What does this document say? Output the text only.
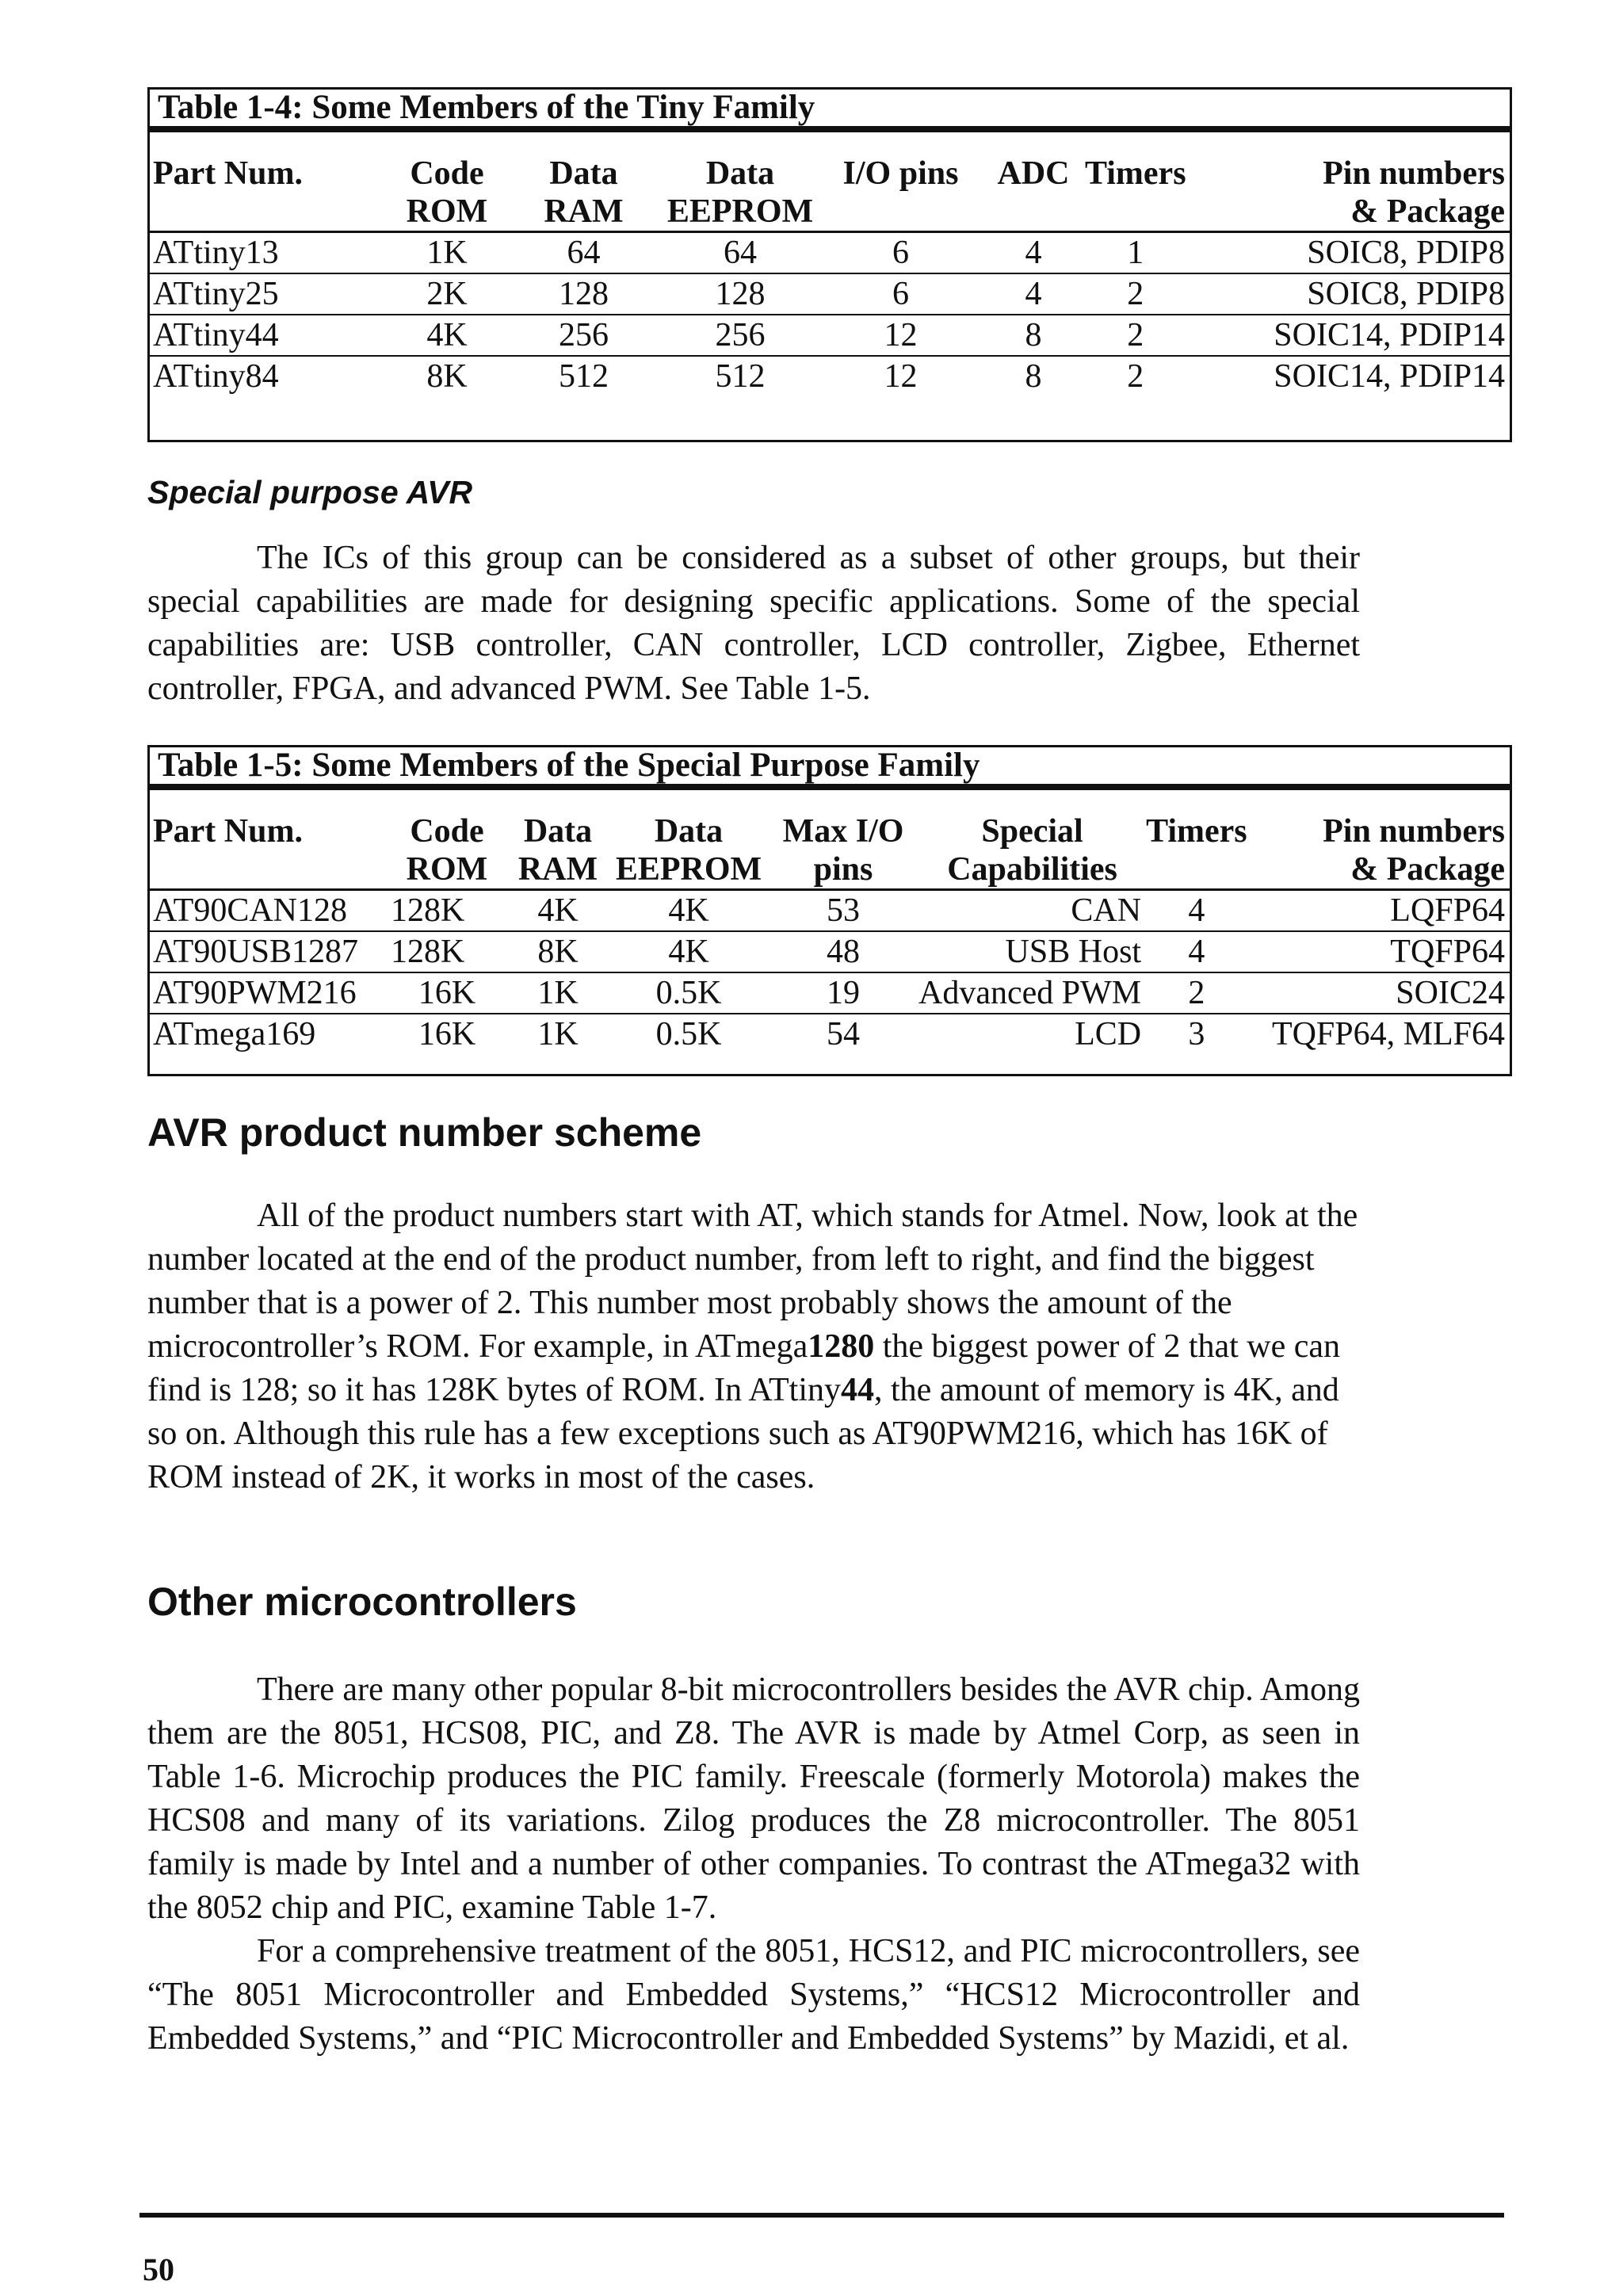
Table 1-4: Some Members of the Tiny Family
Part Num.	Code	Data	Data	I/O pins	ADC	Timers	Pin numbers
	ROM	RAM	EEPROM				& Package
ATtiny13	1K	64	64	6	4	1	SOIC8, PDIP8
ATtiny25	2K	128	128	6	4	2	SOIC8, PDIP8
ATtiny44	4K	256	256	12	8	2	SOIC14, PDIP14
ATtiny84	8K	512	512	12	8	2	SOIC14, PDIP14
Special purpose AVR

The ICs of this group can be considered as a subset of other groups, but their special capabilities are made for designing specific applications. Some of the special capabilities are: USB controller, CAN controller, LCD controller, Zigbee, Ethernet controller, FPGA, and advanced PWM. See Table 1-5.

Table 1-5: Some Members of the Special Purpose Family
Part Num.	Code	Data	Data	Max I/O	Special	Timers	Pin numbers
	ROM	RAM	EEPROM	pins	Capabilities		& Package
AT90CAN128	128K	4K	4K	53	CAN	4	LQFP64
AT90USB1287	128K	8K	4K	48	USB Host	4	TQFP64
AT90PWM216	16K	1K	0.5K	19	Advanced PWM	2	SOIC24
ATmega169	16K	1K	0.5K	54	LCD	3	TQFP64, MLF64
AVR product number scheme

All of the product numbers start with AT, which stands for Atmel. Now, look at the number located at the end of the product number, from left to right, and find the biggest number that is a power of 2. This number most probably shows the amount of the microcontroller’s ROM. For example, in ATmega1280 the biggest power of 2 that we can find is 128; so it has 128K bytes of ROM. In ATtiny44, the amount of memory is 4K, and so on. Although this rule has a few exceptions such as AT90PWM216, which has 16K of ROM instead of 2K, it works in most of the cases.

Other microcontrollers

There are many other popular 8-bit microcontrollers besides the AVR chip. Among them are the 8051, HCS08, PIC, and Z8. The AVR is made by Atmel Corp, as seen in Table 1-6. Microchip produces the PIC family. Freescale (formerly Motorola) makes the HCS08 and many of its variations. Zilog produces the Z8 microcontroller. The 8051 family is made by Intel and a number of other companies. To contrast the ATmega32 with the 8052 chip and PIC, examine Table 1-7.

For a comprehensive treatment of the 8051, HCS12, and PIC microcontrollers, see “The 8051 Microcontroller and Embedded Systems,” “HCS12 Microcontroller and Embedded Systems,” and “PIC Microcontroller and Embedded Systems” by Mazidi, et al.

50
